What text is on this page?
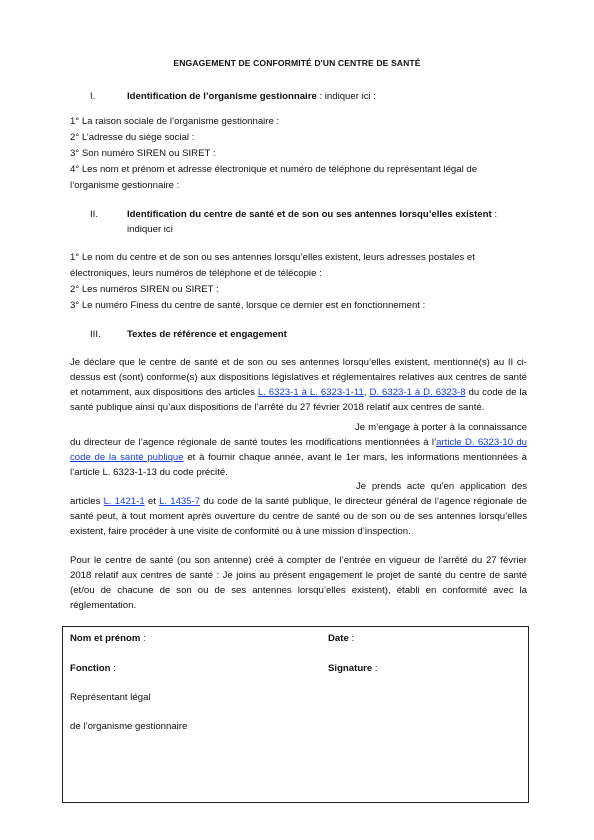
ENGAGEMENT DE CONFORMITÉ D'UN CENTRE DE SANTÉ
I.	Identification de l’organisme gestionnaire : indiquer ici :
1° La raison sociale de l’organisme gestionnaire :
2° L’adresse du siège social :
3° Son numéro SIREN ou SIRET :
4° Les nom et prénom et adresse électronique et numéro de téléphone du représentant légal de
l’organisme gestionnaire :
II.	Identification du centre de santé et de son ou ses antennes lorsqu’elles existent :
indiquer ici
1° Le nom du centre et de son ou ses antennes lorsqu’elles existent, leurs adresses postales et
électroniques, leurs numéros de téléphone et de télécopie :
2° Les numéros SIREN ou SIRET :
3° Le numéro Finess du centre de santé, lorsque ce dernier est en fonctionnement :
III.	Textes de référence et engagement

Je déclare que le centre de santé et de son ou ses antennes lorsqu’elles existent, mentionné(s) au II ci-dessus est (sont) conforme(s) aux dispositions législatives et réglementaires relatives aux centres de santé et notamment, aux dispositions des articles L. 6323-1 à L. 6323-1-11, D. 6323-1 à D. 6323-8 du code de la santé publique ainsi qu’aux dispositions de l’arrêté du 27 février 2018 relatif aux centres de santé.

Je m’engage à porter à la connaissance du directeur de l’agence régionale de santé toutes les modifications mentionnées à l’article D. 6323-10 du code de la santé publique et à fournir chaque année, avant le 1er mars, les informations mentionnées à l’article L. 6323-1-13 du code précité.

Je prends acte qu’en application des articles L. 1421-1 et L. 1435-7 du code de la santé publique, le directeur général de l’agence régionale de santé peut, à tout moment après ouverture du centre de santé ou de son ou de ses antennes lorsqu’elles existent, faire procéder à une visite de conformité ou à une mission d’inspection.

Pour le centre de santé (ou son antenne) créé à compter de l’entrée en vigueur de l’arrêté du 27 février 2018 relatif aux centres de santé : Je joins au présent engagement le projet de santé du centre de santé (et/ou de chacune de son ou de ses antennes lorsqu’elles existent), établi en conformité avec la réglementation.

Nom et prénom :	Date :
Fonction :	Signature :
Représentant légal
de l’organisme gestionnaire
